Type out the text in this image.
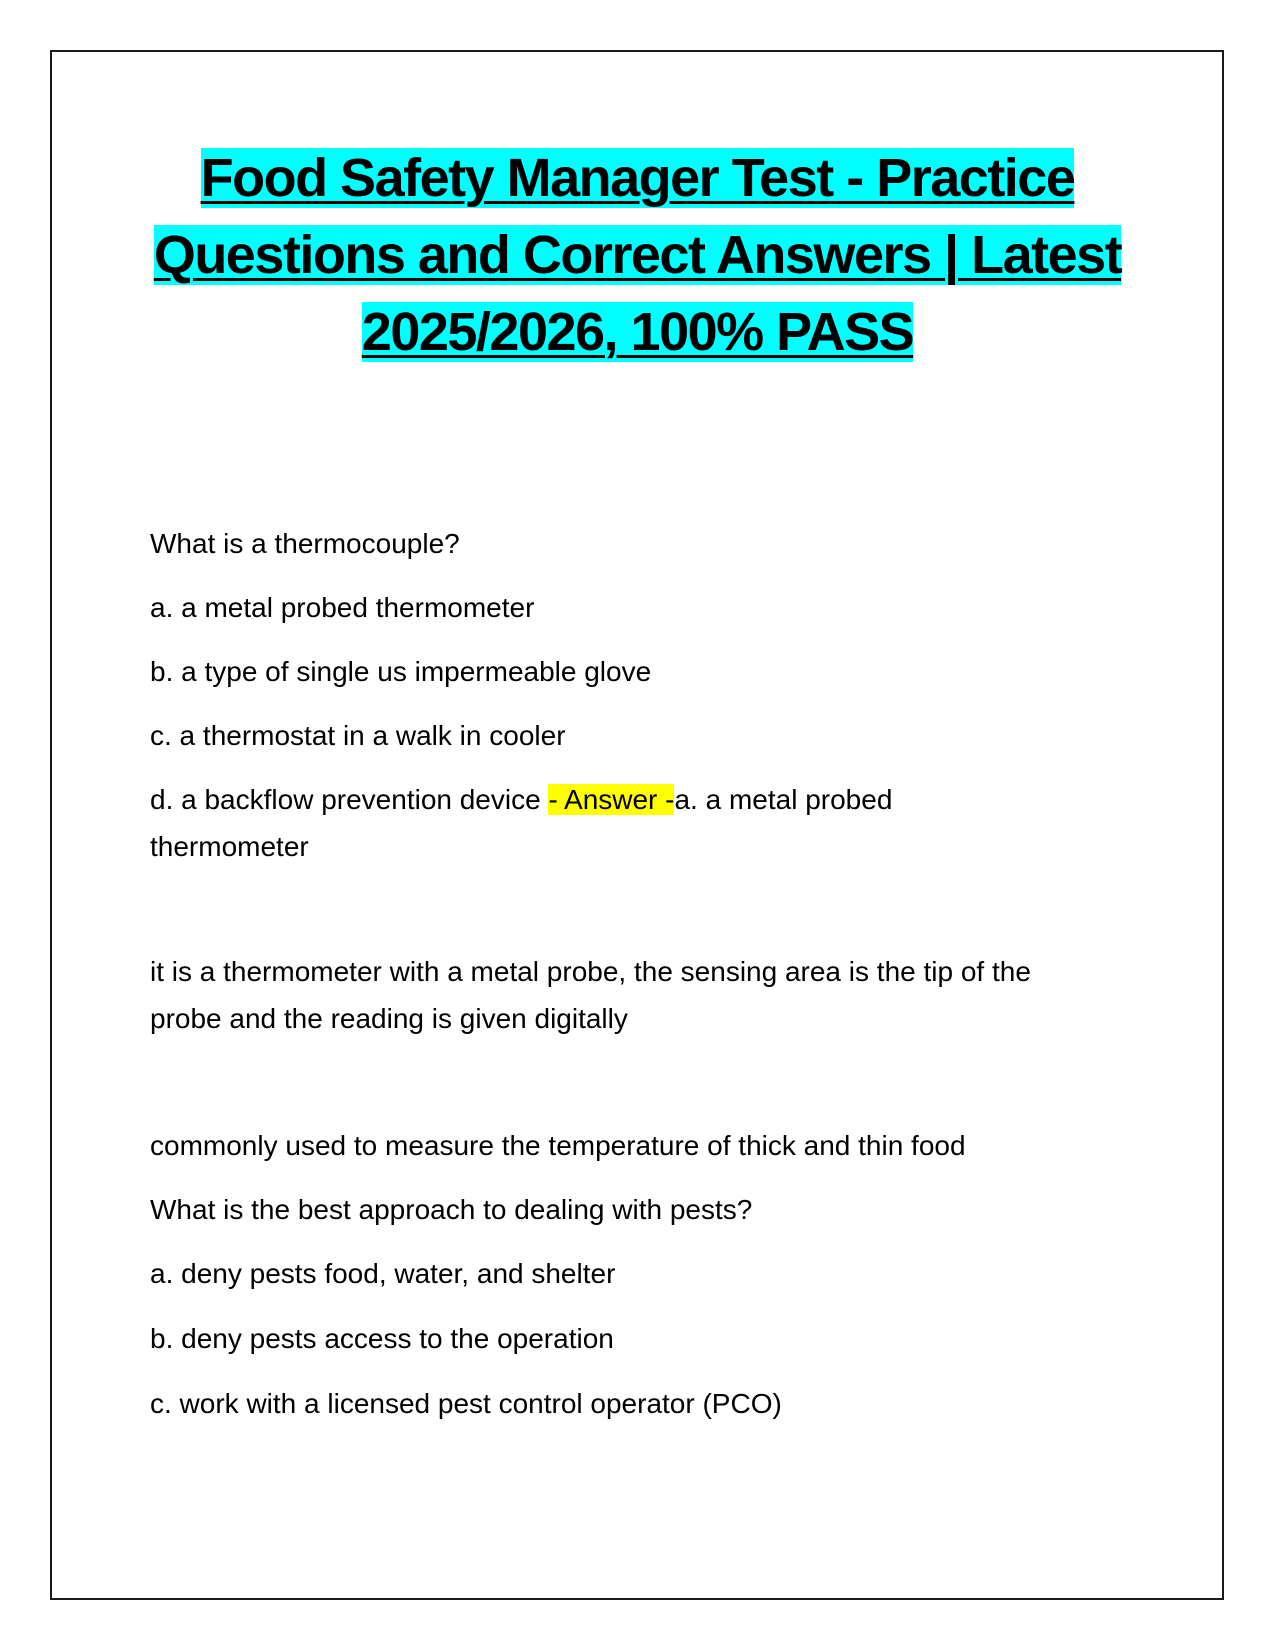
Food Safety Manager Test - Practice Questions and Correct Answers | Latest 2025/2026, 100% PASS

What is a thermocouple?

a. a metal probed thermometer

b. a type of single us impermeable glove

c. a thermostat in a walk in cooler

d. a backflow prevention device - Answer -a. a metal probed thermometer

it is a thermometer with a metal probe, the sensing area is the tip of the probe and the reading is given digitally

commonly used to measure the temperature of thick and thin food

What is the best approach to dealing with pests?

a. deny pests food, water, and shelter

b. deny pests access to the operation

c. work with a licensed pest control operator (PCO)
